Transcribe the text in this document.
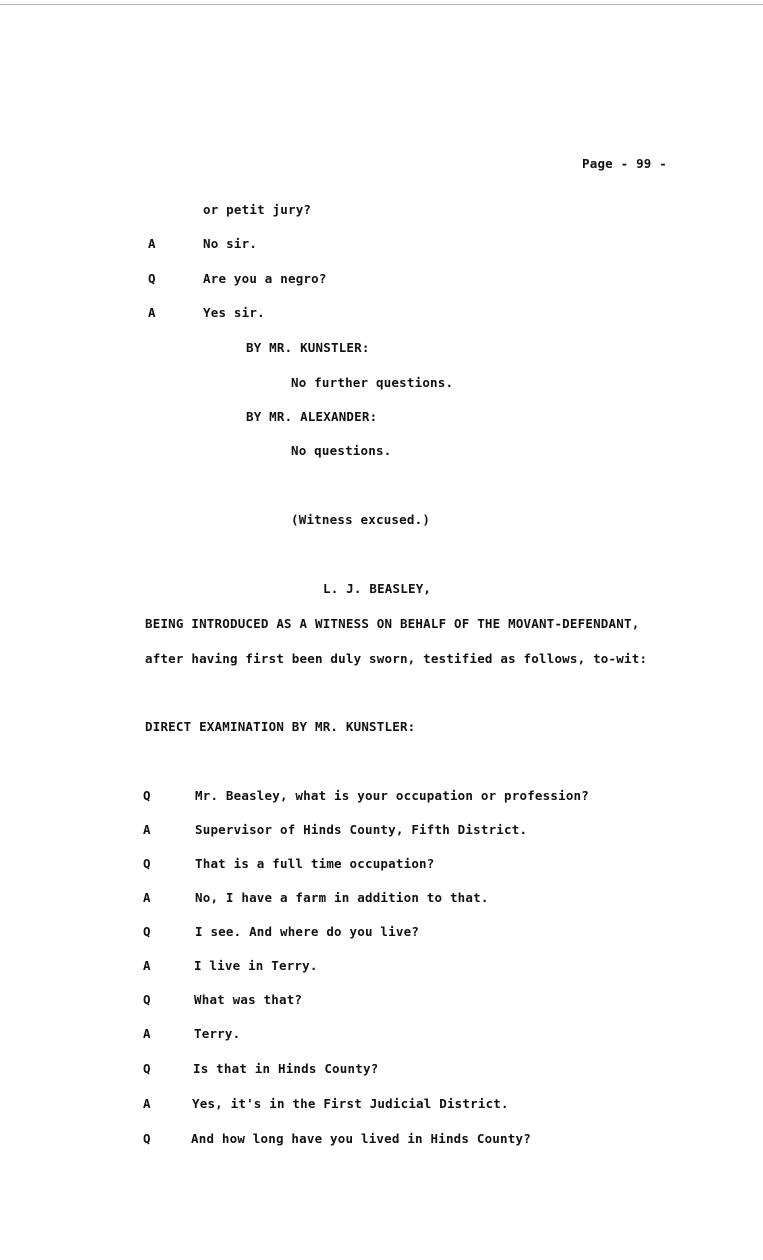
Page - 99 -
or petit jury?
A	No sir.
Q	Are you a negro?
A	Yes sir.
BY MR. KUNSTLER:
No further questions.
BY MR. ALEXANDER:
No questions.
(Witness excused.)
L. J. BEASLEY,
BEING INTRODUCED AS A WITNESS ON BEHALF OF THE MOVANT-DEFENDANT,
after having first been duly sworn, testified as follows, to-wit:
DIRECT EXAMINATION BY MR. KUNSTLER:
Q	Mr. Beasley, what is your occupation or profession?
A	Supervisor of Hinds County, Fifth District.
Q	That is a full time occupation?
A	No, I have a farm in addition to that.
Q	I see. And where do you live?
A	I live in Terry.
Q	What was that?
A	Terry.
Q	Is that in Hinds County?
A	Yes, it's in the First Judicial District.
Q	And how long have you lived in Hinds County?
